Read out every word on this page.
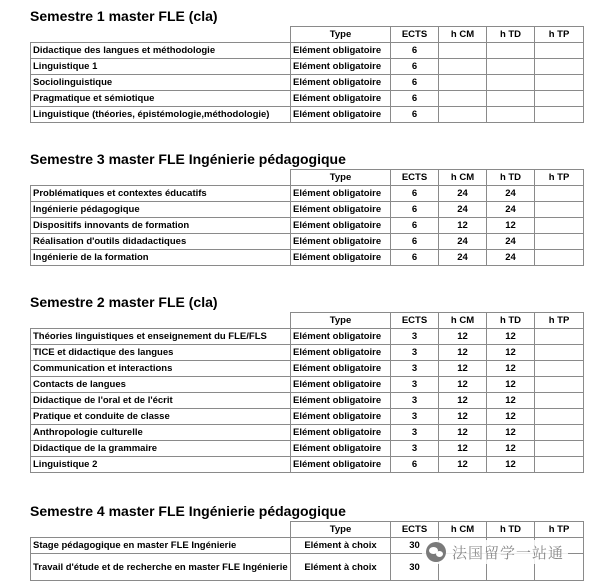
Semestre 1 master FLE (cla)
	Type	ECTS	h CM	h TD	h TP
Didactique des langues et méthodologie	Elément obligatoire	6			
Linguistique 1	Elément obligatoire	6			
Sociolinguistique	Elément obligatoire	6			
Pragmatique et sémiotique	Elément obligatoire	6			
Linguistique (théories, épistémologie,méthodologie)	Elément obligatoire	6			
Semestre 3 master FLE Ingénierie pédagogique
	Type	ECTS	h CM	h TD	h TP
Problématiques et contextes éducatifs	Elément obligatoire	6	24	24	
Ingénierie pédagogique	Elément obligatoire	6	24	24	
Dispositifs innovants de formation	Elément obligatoire	6	12	12	
Réalisation d'outils didadactiques	Elément obligatoire	6	24	24	
Ingénierie de la formation	Elément obligatoire	6	24	24	
Semestre 2 master FLE (cla)
	Type	ECTS	h CM	h TD	h TP
Théories linguistiques et enseignement du FLE/FLS	Elément obligatoire	3	12	12	
TICE et didactique des langues	Elément obligatoire	3	12	12	
Communication et interactions	Elément obligatoire	3	12	12	
Contacts de langues	Elément obligatoire	3	12	12	
Didactique de l'oral et de l'écrit	Elément obligatoire	3	12	12	
Pratique et conduite de classe	Elément obligatoire	3	12	12	
Anthropologie culturelle	Elément obligatoire	3	12	12	
Didactique de la grammaire	Elément obligatoire	3	12	12	
Linguistique 2	Elément obligatoire	6	12	12	
Semestre 4 master FLE Ingénierie pédagogique
	Type	ECTS	h CM	h TD	h TP
Stage pédagogique en master FLE Ingénierie	Elément à choix	30			
Travail d'étude et de recherche en master FLE Ingénierie	Elément à choix	30			
法国留学一站通
